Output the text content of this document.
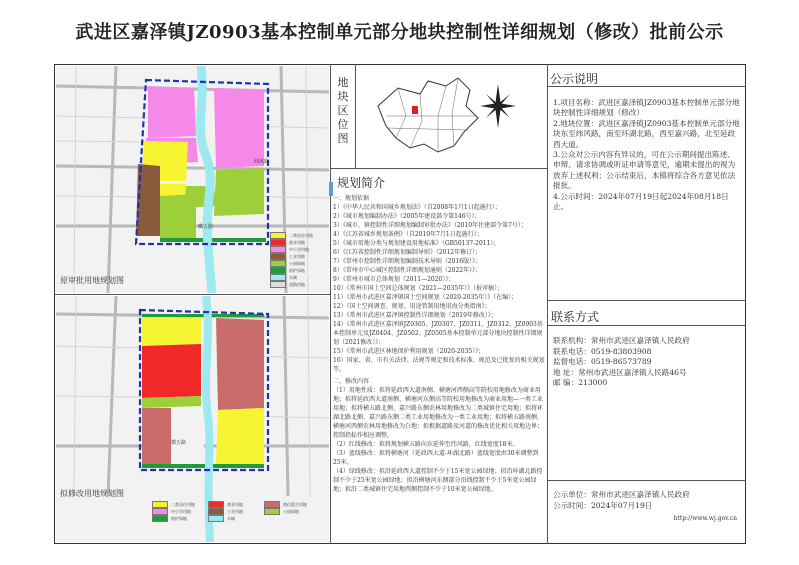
武进区嘉泽镇JZ0903基本控制单元部分地块控制性详细规划（修改）批前公示
纬风路
横五路
二类居住用地
商业用地
中小学用地
工业用地
公园绿地
防护绿地
水域
道路用地
原审批用地规划图
横五路
二类居住用地	商业用地	商住混合用地
中小学用地	工业用地	公园绿地
防护绿地	水域
拟修改用地规划图
地块区位图
规划简介
一、规划依据
1）《中华人民共和国城乡规划法》（自2008年1月1日起施行）；
2）《城市规划编制办法》（2005年建设部令第146号）；
3）《城市、镇控制性详细规划编制审批办法》（2010年住建部令第7号）；
4）《江苏省城乡规划条例》（自2010年7月1日起施行）；
5）《城市用地分类与规划建设用地标准》（GB50137-2011）；
6）《江苏省控制性详细规划编制导则》（2012年修订）；
7）《常州市控制性详细规划编制技术导则（2016版）》；
8）《常州市中心城区控制性详细规划通则（2022年）》；
9）《常州市城市总体规划（2011—2020）》；
10）《常州市国土空间总体规划（2021—2035年）》（报审稿）；
11）《常州市武进区嘉泽镇国土空间规划（2020-2035年）》（在编）；
12）《国土空间调查、规划、用途管制用地用海分类指南》；
13）《常州市武进区嘉泽镇控制性详细规划（2019年修改）》；
14）《常州市武进区嘉泽镇JZ0305、JZ0307、JZ0311、JZ0312、JZ0903基本控制单元及JZ0404、JZ0502、JZ0505基本控制单元部分地块控制性详细规划（2021修改）》；
15）《常州市武进区林地保护利用规划（2020-2035）》；
16）国家、省、市有关法律、法规等规定和技术标准、规范及已批复的相关规划等。
二、修改内容
（1）用地性质：拟将延政西大道南侧、横塘河西侧高等院校用地修改为商业用地；拟将延政西大道南侧、横塘河东侧高等院校用地修改为商业用地—一类工业用地；拟将横五路北侧、嘉兴路东侧农林用地修改为二类城镇住宅用地；拟将环湖北路北侧、嘉兴路东侧二类工业用地修改为一类工业用地；拟将横五路南侧、横塘河西侧农林用地修改为白地；拟根据道路及河道的修改优化相关用地边界；控制指标作相应调整。
（2）红线修改：拟将规划横五路向东延伸至纬风路，红线宽度18米。
（3）蓝线修改：拟将横塘河（延政西大道-环湖北路）蓝线宽度由30米调整到25米。
（4）绿线修改：拟沿延政西大道控制不少于15米宽公园绿地；拟沿环湖北路控制不少于25米宽公园绿地；拟沿横塘河东侧部分沿线控制不少于5米宽公园绿地；拟沿二类城镇住宅用地西侧控制不少于10米宽公园绿地。
公示说明
1.项目名称：武进区嘉泽镇JZ0903基本控制单元部分地块控制性详细规划（修改）
2.地块位置：武进区嘉泽镇JZ0903基本控制单元部分地块东至纬风路，南至环湖北路，西至嘉兴路，北至延政西大道。
3.公众对公示内容有异议的，可在公示期间提出陈述、申辩、请求协调或听证申请等意见，逾期未提出的视为放弃上述权利；公示结束后，本镇将综合各方意见依法报批。
4.公示时间：2024年07月19日起2024年08月18日止。
联系方式
联系机构：常州市武进区嘉泽镇人民政府
联系电话：0519-83803908
监督电话：0519-86573789
地 址：常州市武进区嘉泽镇人民路46号
邮 编：213000
公示单位：常州市武进区嘉泽镇人民政府
公示时间：2024年07月19日
http://www.wj.gov.cn
